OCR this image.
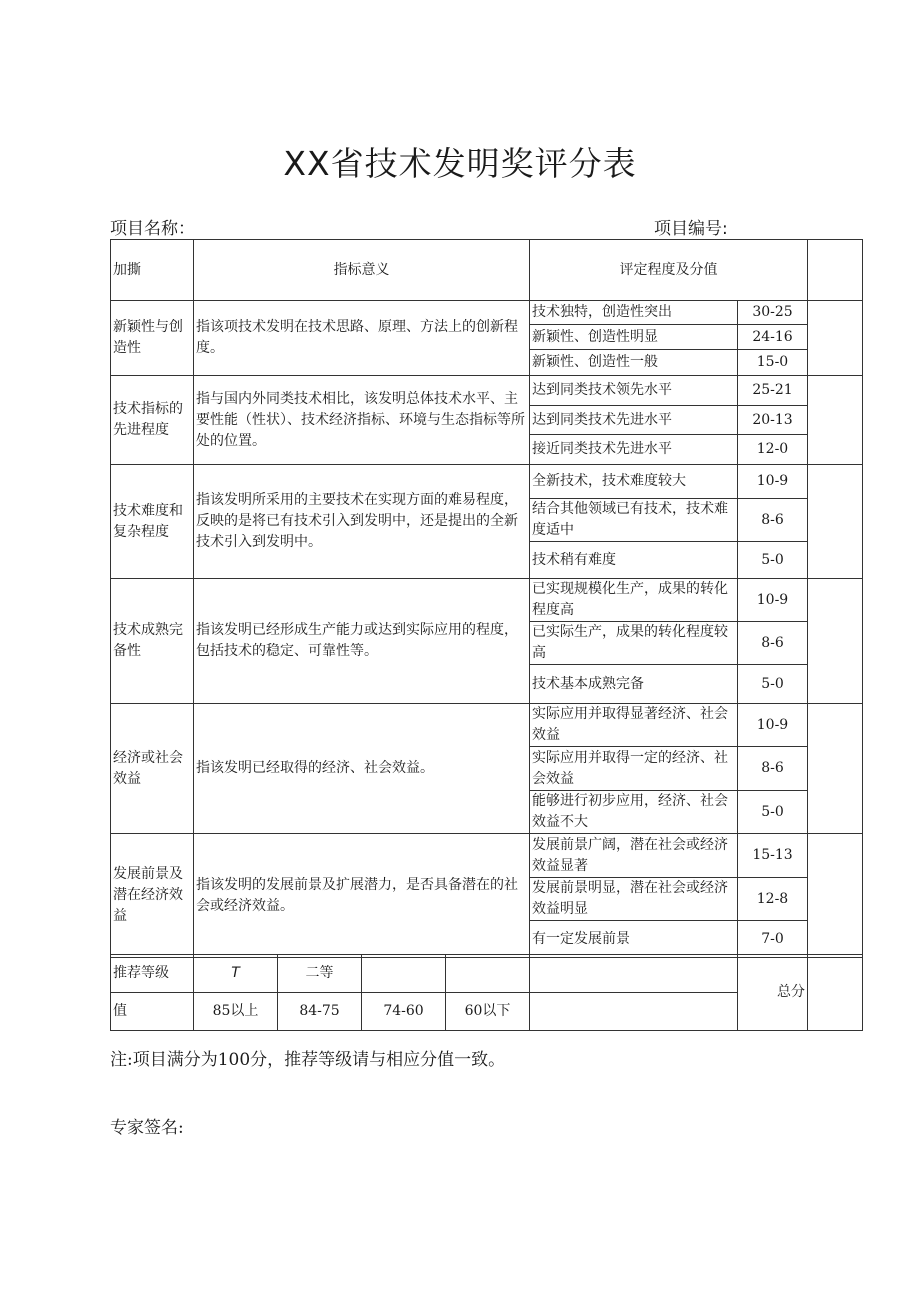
XX省技术发明奖评分表
项目名称：	项目编号:
加撕	指标意义	评定程度及分值		
新颖性与创造性	指该项技术发明在技术思路、原理、方法上的创新程度。	技术独特，创造性突出	30-25	
		新颖性、创造性明显	24-16	
		新颖性、创造性一般	15-0	
技术指标的先进程度	指与国内外同类技术相比，该发明总体技术水平、主要性能（性状）、技术经济指标、环境与生态指标等所处的位置。	达到同类技术领先水平	25-21	
		达到同类技术先进水平	20-13	
		接近同类技术先进水平	12-0	
技术难度和复杂程度	指该发明所采用的主要技术在实现方面的难易程度，反映的是将已有技术引入到发明中，还是提出的全新技术引入到发明中。	全新技术，技术难度较大	10-9	
		结合其他领域已有技术，技术难度适中	8-6	
		技术稍有难度	5-0	
技术成熟完备性	指该发明已经形成生产能力或达到实际应用的程度，包括技术的稳定、可靠性等。	已实现规模化生产，成果的转化程度高	10-9	
		已实际生产，成果的转化程度较高	8-6	
		技术基本成熟完备	5-0	
经济或社会效益	指该发明已经取得的经济、社会效益。	实际应用并取得显著经济、社会效益	10-9	
		实际应用并取得一定的经济、社会效益	8-6	
		能够进行初步应用，经济、社会效益不大	5-0	
发展前景及潜在经济效益	指该发明的发展前景及扩展潜力，是否具备潜在的社会或经济效益。	发展前景广阔，潜在社会或经济效益显著	15-13	
		发展前景明显，潜在社会或经济效益明显	12-8	
		有一定发展前景	7-0	
推荐等级	T	二等				总分	
值	85以上	84-75	74-60	60以下			
注:项目满分为100分，推荐等级请与相应分值一致。
专家签名:
